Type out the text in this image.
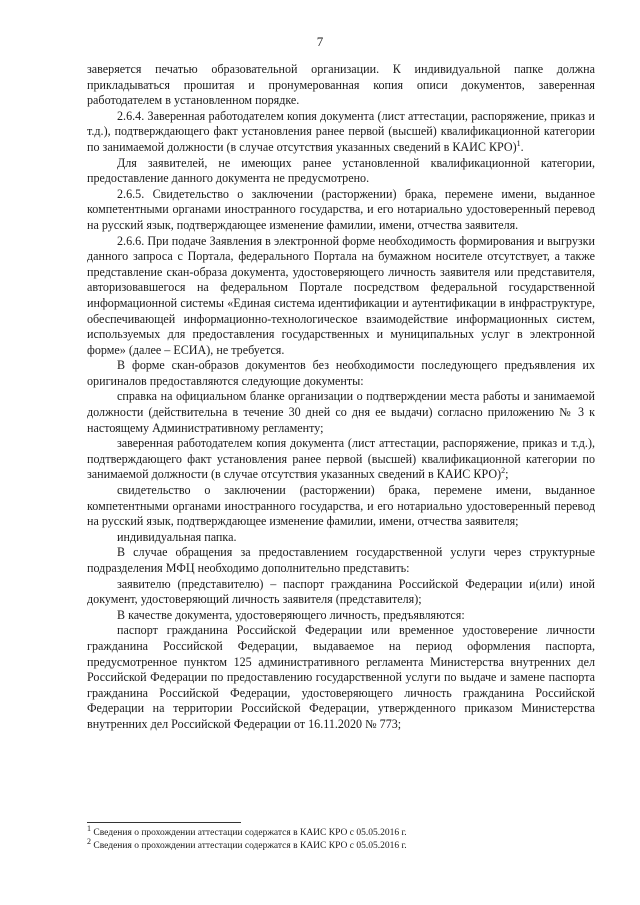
7

заверяется печатью образовательной организации. К индивидуальной папке должна прикладываться прошитая и пронумерованная копия описи документов, заверенная работодателем в установленном порядке.

2.6.4. Заверенная работодателем копия документа (лист аттестации, распоряжение, приказ и т.д.), подтверждающего факт установления ранее первой (высшей) квалификационной категории по занимаемой должности (в случае отсутствия указанных сведений в КАИС КРО)$^1$.

Для заявителей, не имеющих ранее установленной квалификационной категории, предоставление данного документа не предусмотрено.

2.6.5. Свидетельство о заключении (расторжении) брака, перемене имени, выданное компетентными органами иностранного государства, и его нотариально удостоверенный перевод на русский язык, подтверждающее изменение фамилии, имени, отчества заявителя.

2.6.6. При подаче Заявления в электронной форме необходимость формирования и выгрузки данного запроса с Портала, федерального Портала на бумажном носителе отсутствует, а также представление скан-образа документа, удостоверяющего личность заявителя или представителя, авторизовавшегося на федеральном Портале посредством федеральной государственной информационной системы «Единая система идентификации и аутентификации в инфраструктуре, обеспечивающей информационно-технологическое взаимодействие информационных систем, используемых для предоставления государственных и муниципальных услуг в электронной форме» (далее – ЕСИА), не требуется.

В форме скан-образов документов без необходимости последующего предъявления их оригиналов предоставляются следующие документы:

справка на официальном бланке организации о подтверждении места работы и занимаемой должности (действительна в течение 30 дней со дня ее выдачи) согласно приложению № 3 к настоящему Административному регламенту;

заверенная работодателем копия документа (лист аттестации, распоряжение, приказ и т.д.), подтверждающего факт установления ранее первой (высшей) квалификационной категории по занимаемой должности (в случае отсутствия указанных сведений в КАИС КРО)$^2$;

свидетельство о заключении (расторжении) брака, перемене имени, выданное компетентными органами иностранного государства, и его нотариально удостоверенный перевод на русский язык, подтверждающее изменение фамилии, имени, отчества заявителя;

индивидуальная папка.

В случае обращения за предоставлением государственной услуги через структурные подразделения МФЦ необходимо дополнительно представить:

заявителю (представителю) – паспорт гражданина Российской Федерации и(или) иной документ, удостоверяющий личность заявителя (представителя);

В качестве документа, удостоверяющего личность, предъявляются:

паспорт гражданина Российской Федерации или временное удостоверение личности гражданина Российской Федерации, выдаваемое на период оформления паспорта, предусмотренное пунктом 125 административного регламента Министерства внутренних дел Российской Федерации по предоставлению государственной услуги по выдаче и замене паспорта гражданина Российской Федерации, удостоверяющего личность гражданина Российской Федерации на территории Российской Федерации, утвержденного приказом Министерства внутренних дел Российской Федерации от 16.11.2020 № 773;

$^1$ Сведения о прохождении аттестации содержатся в КАИС КРО с 05.05.2016 г.

$^2$ Сведения о прохождении аттестации содержатся в КАИС КРО с 05.05.2016 г.
